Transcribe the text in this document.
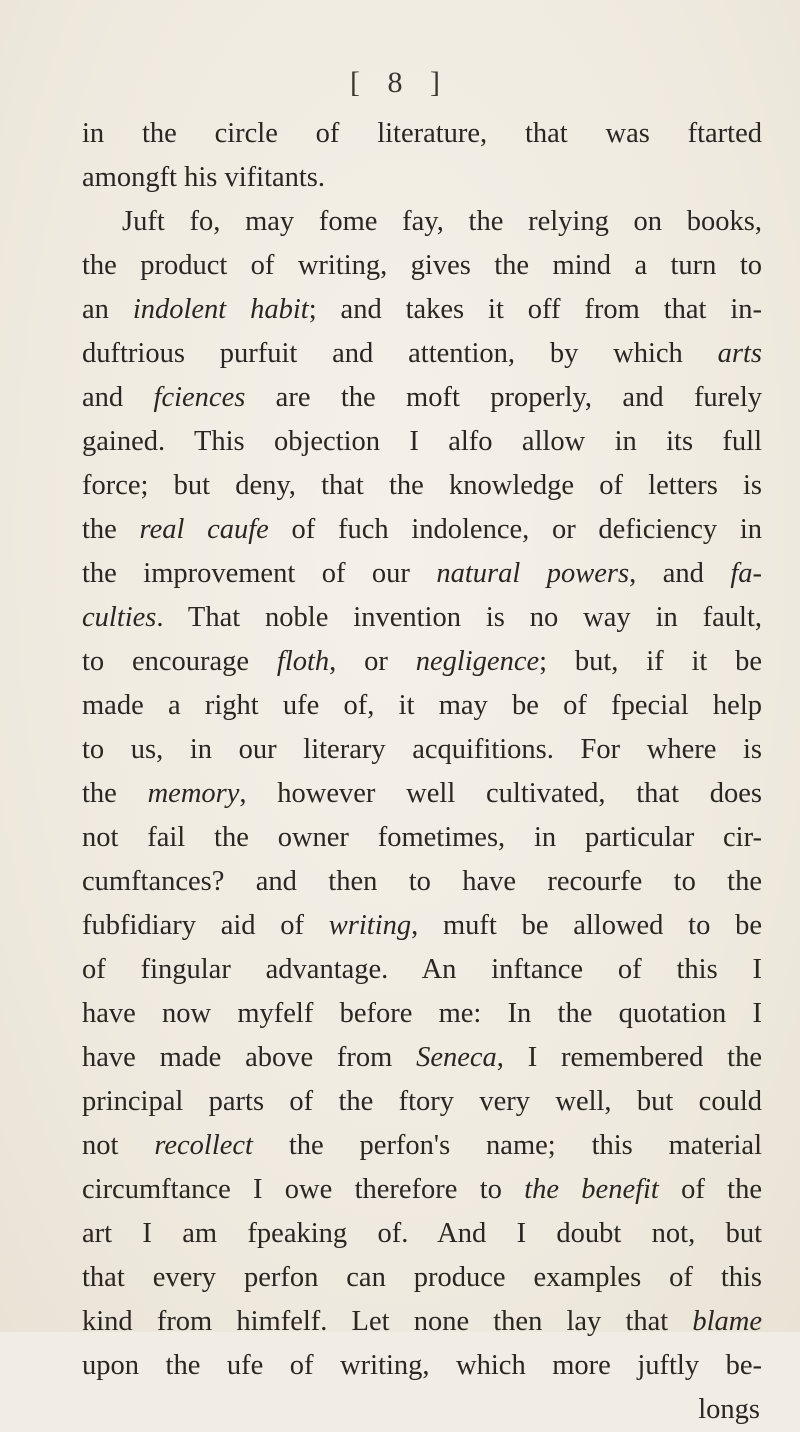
[ 8 ]
in the circle of literature, that was ftarted
amongft his vifitants.
Juft fo, may fome fay, the relying on books,
the product of writing, gives the mind a turn to
an indolent habit; and takes it off from that in-
duftrious purfuit and attention, by which arts
and fciences are the moft properly, and furely
gained. This objection I alfo allow in its full
force; but deny, that the knowledge of letters is
the real caufe of fuch indolence, or deficiency in
the improvement of our natural powers, and fa-
culties. That noble invention is no way in fault,
to encourage floth, or negligence; but, if it be
made a right ufe of, it may be of fpecial help
to us, in our literary acquifitions. For where is
the memory, however well cultivated, that does
not fail the owner fometimes, in particular cir-
cumftances? and then to have recourfe to the
fubfidiary aid of writing, muft be allowed to be
of fingular advantage. An inftance of this I
have now myfelf before me: In the quotation I
have made above from Seneca, I remembered the
principal parts of the ftory very well, but could
not recollect the perfon's name; this material
circumftance I owe therefore to the benefit of the
art I am fpeaking of. And I doubt not, but
that every perfon can produce examples of this
kind from himfelf. Let none then lay that blame
upon the ufe of writing, which more juftly be-
longs
